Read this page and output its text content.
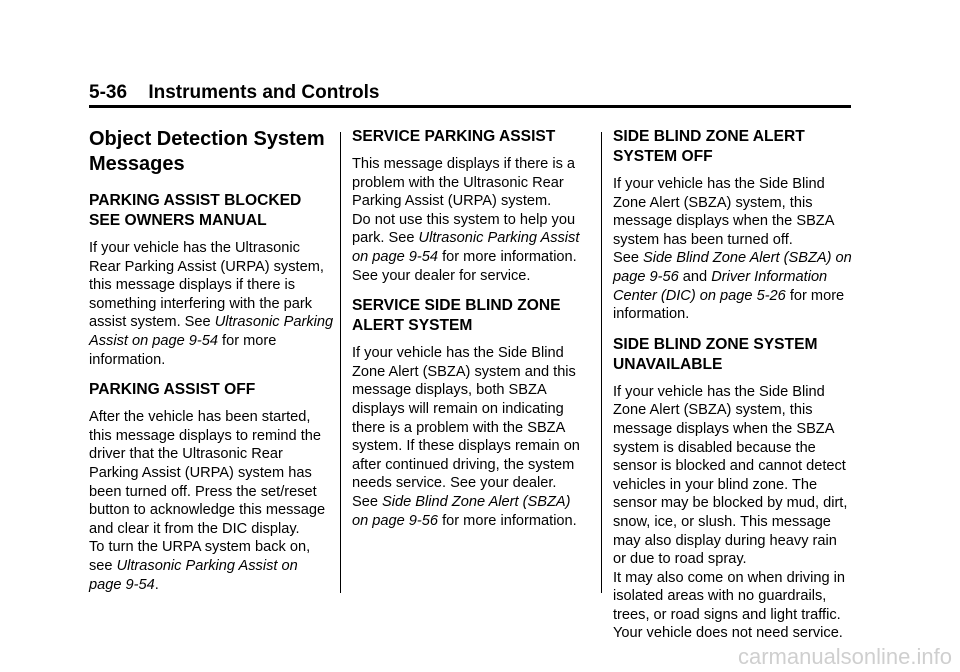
5-36 Instruments and Controls
Object Detection System
Messages
PARKING ASSIST BLOCKED
SEE OWNERS MANUAL

If your vehicle has the Ultrasonic Rear Parking Assist (URPA) system, this message displays if there is something interfering with the park assist system. See Ultrasonic Parking Assist on page 9-54 for more information.

PARKING ASSIST OFF

After the vehicle has been started, this message displays to remind the driver that the Ultrasonic Rear Parking Assist (URPA) system has been turned off. Press the set/reset button to acknowledge this message and clear it from the DIC display.

To turn the URPA system back on, see Ultrasonic Parking Assist on page 9-54.

SERVICE PARKING ASSIST

This message displays if there is a problem with the Ultrasonic Rear Parking Assist (URPA) system.

Do not use this system to help you park. See Ultrasonic Parking Assist on page 9-54 for more information. See your dealer for service.

SERVICE SIDE BLIND ZONE
ALERT SYSTEM

If your vehicle has the Side Blind Zone Alert (SBZA) system and this message displays, both SBZA displays will remain on indicating there is a problem with the SBZA system. If these displays remain on after continued driving, the system needs service. See your dealer.

See Side Blind Zone Alert (SBZA) on page 9-56 for more information.

SIDE BLIND ZONE ALERT
SYSTEM OFF

If your vehicle has the Side Blind Zone Alert (SBZA) system, this message displays when the SBZA system has been turned off.

See Side Blind Zone Alert (SBZA) on page 9-56 and Driver Information Center (DIC) on page 5-26 for more information.

SIDE BLIND ZONE SYSTEM
UNAVAILABLE

If your vehicle has the Side Blind Zone Alert (SBZA) system, this message displays when the SBZA system is disabled because the sensor is blocked and cannot detect vehicles in your blind zone. The sensor may be blocked by mud, dirt, snow, ice, or slush. This message may also display during heavy rain or due to road spray.

It may also come on when driving in isolated areas with no guardrails, trees, or road signs and light traffic. Your vehicle does not need service.

carmanualsonline.info
